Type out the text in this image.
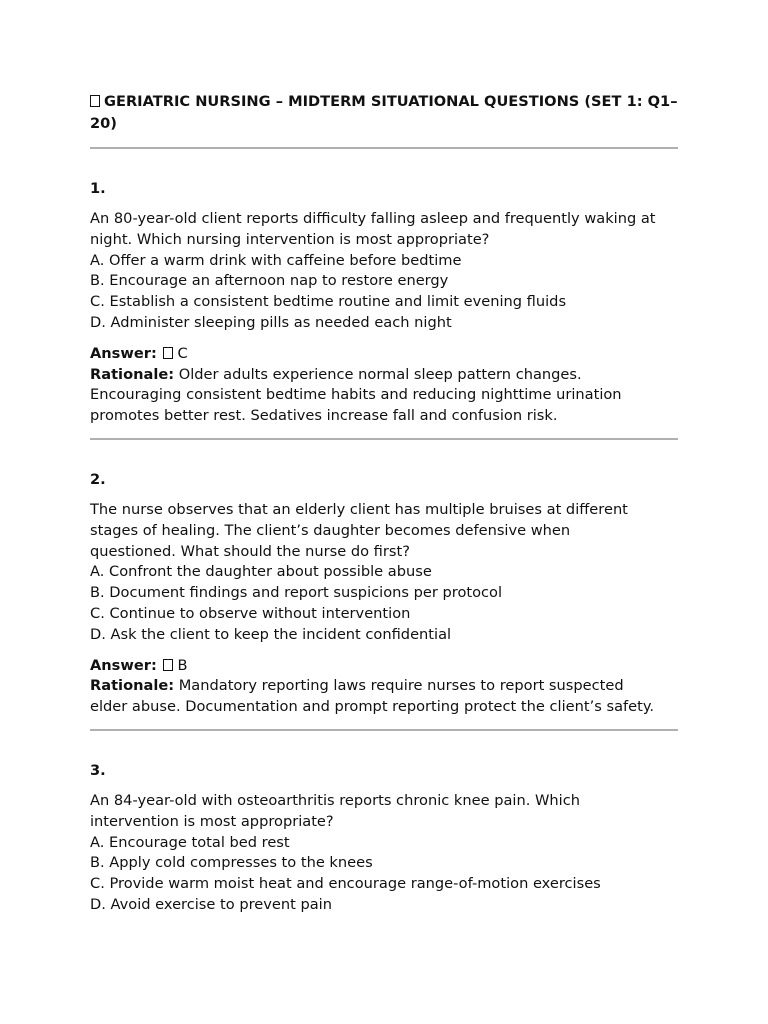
GERIATRIC NURSING – MIDTERM SITUATIONAL QUESTIONS (SET 1: Q1–20)

1.

An 80-year-old client reports difficulty falling asleep and frequently waking at
night. Which nursing intervention is most appropriate?
A. Offer a warm drink with caffeine before bedtime
B. Encourage an afternoon nap to restore energy
C. Establish a consistent bedtime routine and limit evening fluids
D. Administer sleeping pills as needed each night

Answer: C
Rationale: Older adults experience normal sleep pattern changes.
Encouraging consistent bedtime habits and reducing nighttime urination
promotes better rest. Sedatives increase fall and confusion risk.

2.

The nurse observes that an elderly client has multiple bruises at different
stages of healing. The client’s daughter becomes defensive when
questioned. What should the nurse do first?
A. Confront the daughter about possible abuse
B. Document findings and report suspicions per protocol
C. Continue to observe without intervention
D. Ask the client to keep the incident confidential

Answer: B
Rationale: Mandatory reporting laws require nurses to report suspected
elder abuse. Documentation and prompt reporting protect the client’s safety.

3.

An 84-year-old with osteoarthritis reports chronic knee pain. Which
intervention is most appropriate?
A. Encourage total bed rest
B. Apply cold compresses to the knees
C. Provide warm moist heat and encourage range-of-motion exercises
D. Avoid exercise to prevent pain
